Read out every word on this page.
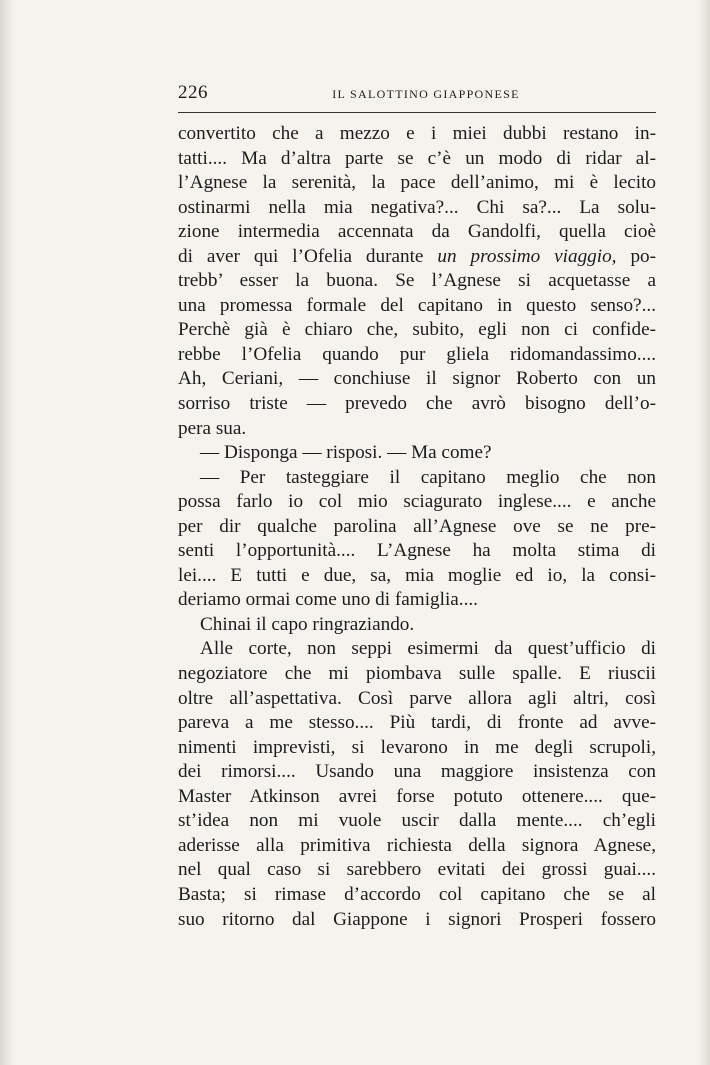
226	IL SALOTTINO GIAPPONESE
convertito che a mezzo e i miei dubbi restano in-
tatti.... Ma d’altra parte se c’è un modo di ridar al-
l’Agnese la serenità, la pace dell’animo, mi è lecito
ostinarmi nella mia negativa?... Chi sa?... La solu-
zione intermedia accennata da Gandolfi, quella cioè
di aver qui l’Ofelia durante un prossimo viaggio, po-
trebb’ esser la buona. Se l’Agnese si acquetasse a
una promessa formale del capitano in questo senso?...
Perchè già è chiaro che, subito, egli non ci confide-
rebbe l’Ofelia quando pur gliela ridomandassimo....
Ah, Ceriani, — conchiuse il signor Roberto con un
sorriso triste — prevedo che avrò bisogno dell’o-
pera sua.
— Disponga — risposi. — Ma come?
— Per tasteggiare il capitano meglio che non
possa farlo io col mio sciagurato inglese.... e anche
per dir qualche parolina all’Agnese ove se ne pre-
senti l’opportunità.... L’Agnese ha molta stima di
lei.... E tutti e due, sa, mia moglie ed io, la consi-
deriamo ormai come uno di famiglia....
Chinai il capo ringraziando.
Alle corte, non seppi esimermi da quest’ufficio di
negoziatore che mi piombava sulle spalle. E riuscii
oltre all’aspettativa. Così parve allora agli altri, così
pareva a me stesso.... Più tardi, di fronte ad avve-
nimenti imprevisti, si levarono in me degli scrupoli,
dei rimorsi.... Usando una maggiore insistenza con
Master Atkinson avrei forse potuto ottenere.... que-
st’idea non mi vuole uscir dalla mente.... ch’egli
aderisse alla primitiva richiesta della signora Agnese,
nel qual caso si sarebbero evitati dei grossi guai....
Basta; si rimase d’accordo col capitano che se al
suo ritorno dal Giappone i signori Prosperi fossero
